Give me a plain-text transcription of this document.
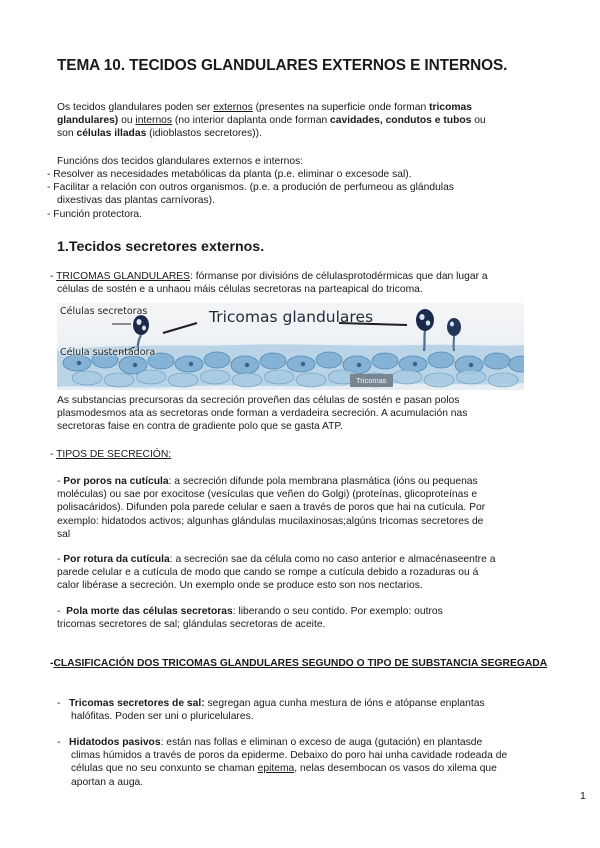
TEMA 10. TECIDOS GLANDULARES EXTERNOS E INTERNOS.
Os tecidos glandulares poden ser externos (presentes na superficie onde forman tricomas
glandulares) ou internos (no interior daplanta onde forman cavidades, condutos e tubos ou
son células illadas (idioblastos secretores)).
Funcións dos tecidos glandulares externos e internos:
- Resolver as necesidades metabólicas da planta (p.e. eliminar o excesode sal).
- Facilitar a relación con outros organismos. (p.e. a produción de perfumeou as glándulas
dixestivas das plantas carnívoras).
- Función protectora.
1.Tecidos secretores externos.
- TRICOMAS GLANDULARES: fórmanse por divisións de célulasprotodérmicas que dan lugar a
células de sostén e a unhaou máis células secretoras na parteapical do tricoma.
Células secretoras
Célula sustentadora
Tricomas glandulares
Tricomas
As substancias precursoras da secreción proveñen das células de sostén e pasan polos
plasmodesmos ata as secretoras onde forman a verdadeira secreción. A acumulación nas
secretoras faise en contra de gradiente polo que se gasta ATP.
- TIPOS DE SECRECIÓN:
- Por poros na cutícula: a secreción difunde pola membrana plasmática (ións ou pequenas
moléculas) ou sae por exocitose (vesículas que veñen do Golgi) (proteínas, glicoproteínas e
polisacáridos). Difunden pola parede celular e saen a través de poros que hai na cutícula. Por
exemplo: hidatodos activos; algunhas glándulas mucilaxinosas;algúns tricomas secretores de
sal
- Por rotura da cutícula: a secreción sae da célula como no caso anterior e almacénaseentre a
parede celular e a cutícula de modo que cando se rompe a cutícula debido a rozaduras ou á
calor libérase a secreción. Un exemplo onde se produce esto son nos nectarios.
-  Pola morte das células secretoras: liberando o seu contido. Por exemplo: outros
tricomas secretores de sal; glándulas secretoras de aceite.
-CLASIFICACIÓN DOS TRICOMAS GLANDULARES SEGUNDO O TIPO DE SUBSTANCIA SEGREGADA
-   Tricomas secretores de sal: segregan agua cunha mestura de ións e atópanse enplantas
halófitas. Poden ser uni o pluricelulares.
-   Hidatodos pasivos: están nas follas e eliminan o exceso de auga (gutación) en plantasde
climas húmidos a través de poros da epiderme. Debaixo do poro hai unha cavidade rodeada de
células que no seu conxunto se chaman epitema, nelas desembocan os vasos do xilema que
aportan a auga.
1
